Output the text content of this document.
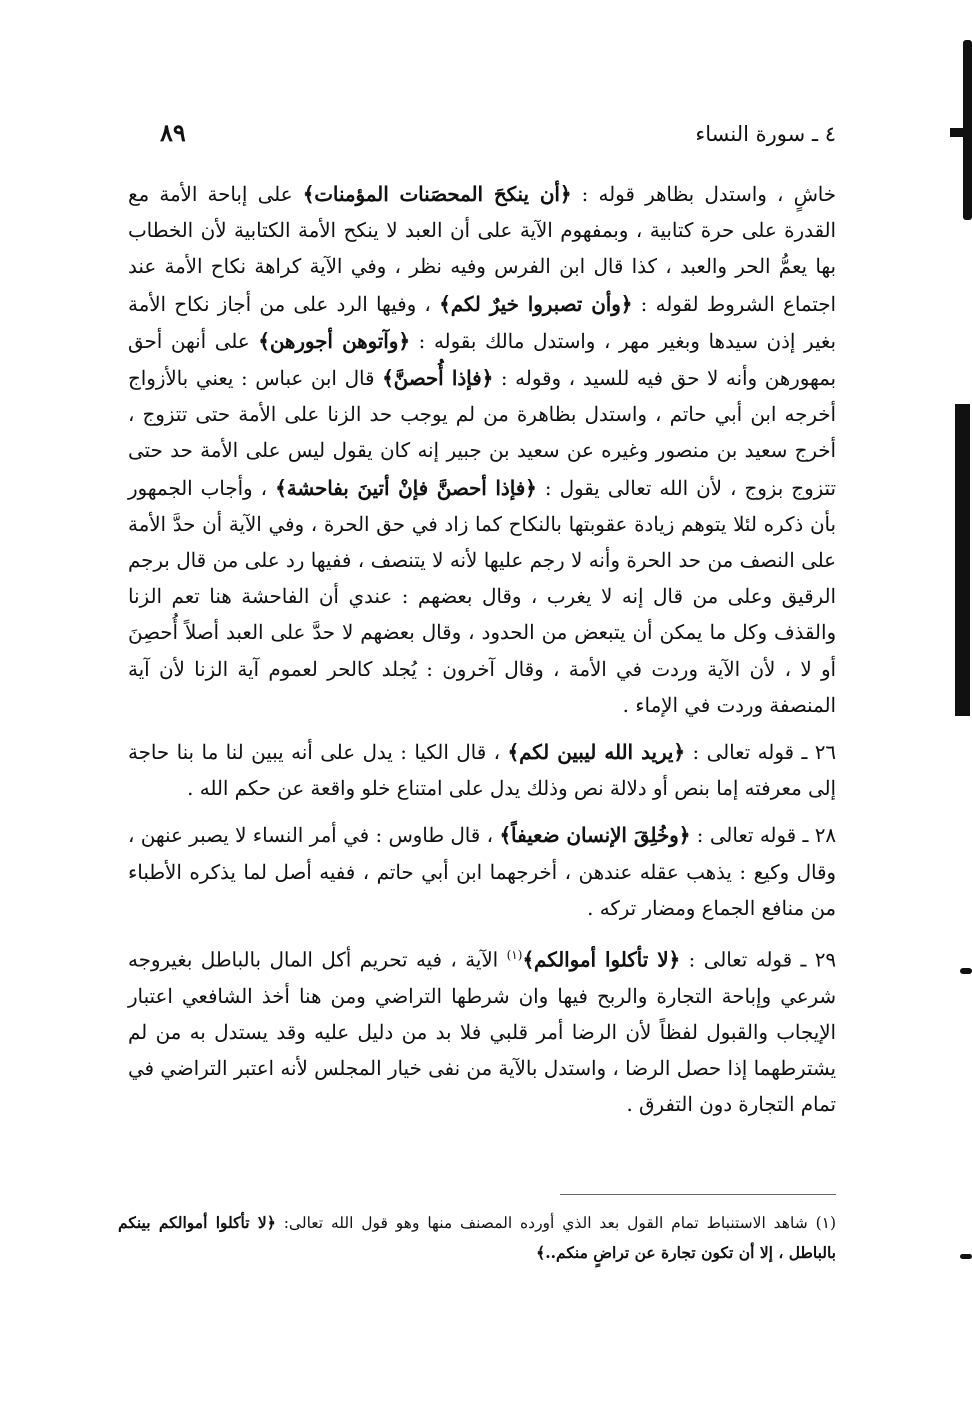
٨٩	٤ ـ سورة النساء

خاشٍ ، واستدل بظاهر قوله : ﴿أن ينكحَ المحصَنات المؤمنات﴾ على إباحة الأمة مع القدرة على حرة كتابية ، وبمفهوم الآية على أن العبد لا ينكح الأمة الكتابية لأن الخطاب بها يعمُّ الحر والعبد ، كذا قال ابن الفرس وفيه نظر ، وفي الآية كراهة نكاح الأمة عند اجتماع الشروط لقوله : ﴿وأن تصبروا خيرٌ لكم﴾ ، وفيها الرد على من أجاز نكاح الأمة بغير إذن سيدها وبغير مهر ، واستدل مالك بقوله : ﴿وآتوهن أجورهن﴾ على أنهن أحق بمهورهن وأنه لا حق فيه للسيد ، وقوله : ﴿فإذا أُحصنَّ﴾ قال ابن عباس : يعني بالأزواج أخرجه ابن أبي حاتم ، واستدل بظاهرة من لم يوجب حد الزنا على الأمة حتى تتزوج ، أخرج سعيد بن منصور وغيره عن سعيد بن جبير إنه كان يقول ليس على الأمة حد حتى تتزوج بزوج ، لأن الله تعالى يقول : ﴿فإذا أحصنَّ فإنْ أتينَ بفاحشة﴾ ، وأجاب الجمهور بأن ذكره لئلا يتوهم زيادة عقوبتها بالنكاح كما زاد في حق الحرة ، وفي الآية أن حدَّ الأمة على النصف من حد الحرة وأنه لا رجم عليها لأنه لا يتنصف ، ففيها رد على من قال برجم الرقيق وعلى من قال إنه لا يغرب ، وقال بعضهم : عندي أن الفاحشة هنا تعم الزنا والقذف وكل ما يمكن أن يتبعض من الحدود ، وقال بعضهم لا حدَّ على العبد أصلاً أُحصِنَ أو لا ، لأن الآية وردت في الأمة ، وقال آخرون : يُجلد كالحر لعموم آية الزنا لأن آية المنصفة وردت في الإماء .

٢٦ ـ قوله تعالى : ﴿يريد الله ليبين لكم﴾ ، قال الكيا : يدل على أنه يبين لنا ما بنا حاجة إلى معرفته إما بنص أو دلالة نص وذلك يدل على امتناع خلو واقعة عن حكم الله .

٢٨ ـ قوله تعالى : ﴿وخُلِقَ الإنسان ضعيفاً﴾ ، قال طاوس : في أمر النساء لا يصبر عنهن ، وقال وكيع : يذهب عقله عندهن ، أخرجهما ابن أبي حاتم ، ففيه أصل لما يذكره الأطباء من منافع الجماع ومضار تركه .

٢٩ ـ قوله تعالى : ﴿لا تأكلوا أموالكم﴾$^{(١)}$ الآية ، فيه تحريم أكل المال بالباطل بغيروجه شرعي وإباحة التجارة والربح فيها وان شرطها التراضي ومن هنا أخذ الشافعي اعتبار الإيجاب والقبول لفظاً لأن الرضا أمر قلبي فلا بد من دليل عليه وقد يستدل به من لم يشترطهما إذا حصل الرضا ، واستدل بالآية من نفى خيار المجلس لأنه اعتبر التراضي في تمام التجارة دون التفرق .

(١) شاهد الاستنباط تمام القول بعد الذي أورده المصنف منها وهو قول الله تعالى: ﴿لا تأكلوا أموالكم بينكم بالباطل ، إلا أن تكون تجارة عن تراضٍ منكم..﴾
